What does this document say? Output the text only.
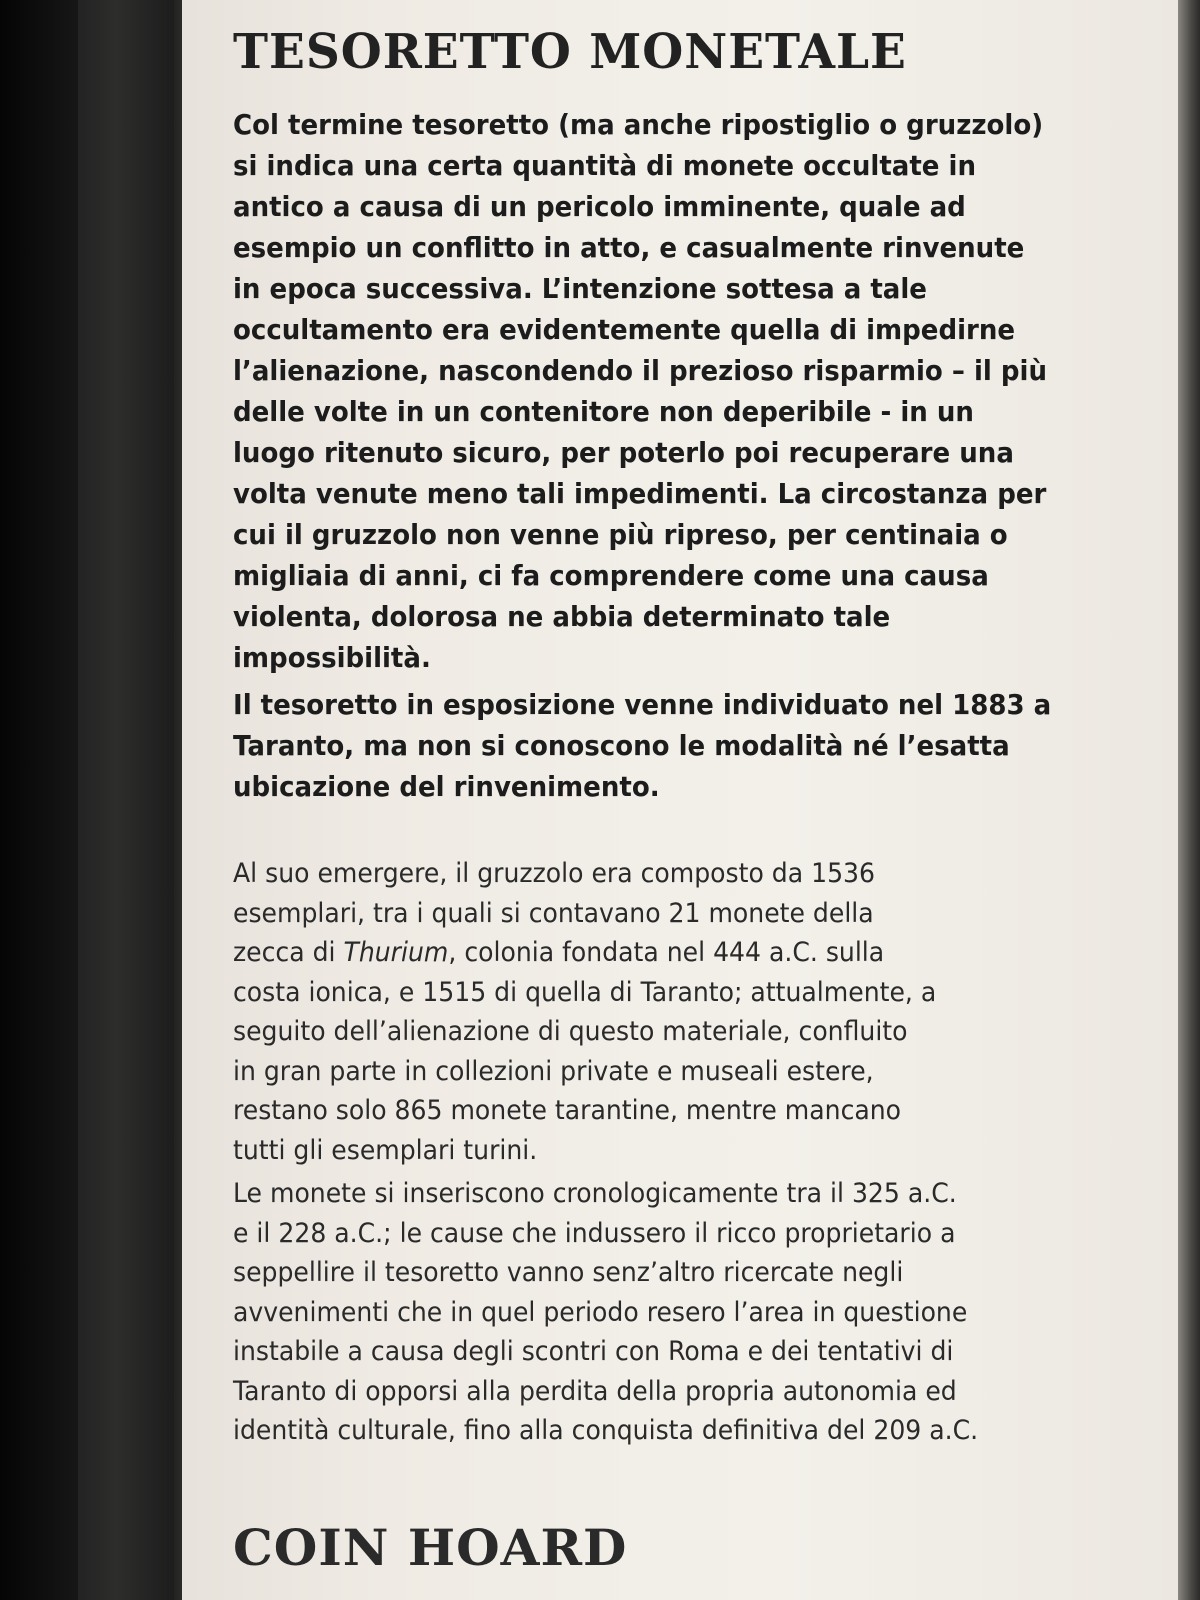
TESORETTO MONETALE

Col termine tesoretto (ma anche ripostiglio o gruzzolo)
si indica una certa quantità di monete occultate in
antico a causa di un pericolo imminente, quale ad
esempio un conflitto in atto, e casualmente rinvenute
in epoca successiva. L’intenzione sottesa a tale
occultamento era evidentemente quella di impedirne
l’alienazione, nascondendo il prezioso risparmio – il più
delle volte in un contenitore non deperibile - in un
luogo ritenuto sicuro, per poterlo poi recuperare una
volta venute meno tali impedimenti. La circostanza per
cui il gruzzolo non venne più ripreso, per centinaia o
migliaia di anni, ci fa comprendere come una causa
violenta, dolorosa ne abbia determinato tale
impossibilità.

Il tesoretto in esposizione venne individuato nel 1883 a
Taranto, ma non si conoscono le modalità né l’esatta
ubicazione del rinvenimento.

Al suo emergere, il gruzzolo era composto da 1536
esemplari, tra i quali si contavano 21 monete della
zecca di Thurium, colonia fondata nel 444 a.C. sulla
costa ionica, e 1515 di quella di Taranto; attualmente, a
seguito dell’alienazione di questo materiale, confluito
in gran parte in collezioni private e museali estere,
restano solo 865 monete tarantine, mentre mancano
tutti gli esemplari turini.

Le monete si inseriscono cronologicamente tra il 325 a.C.
e il 228 a.C.; le cause che indussero il ricco proprietario a
seppellire il tesoretto vanno senz’altro ricercate negli
avvenimenti che in quel periodo resero l’area in questione
instabile a causa degli scontri con Roma e dei tentativi di
Taranto di opporsi alla perdita della propria autonomia ed
identità culturale, fino alla conquista definitiva del 209 a.C.

COIN HOARD
